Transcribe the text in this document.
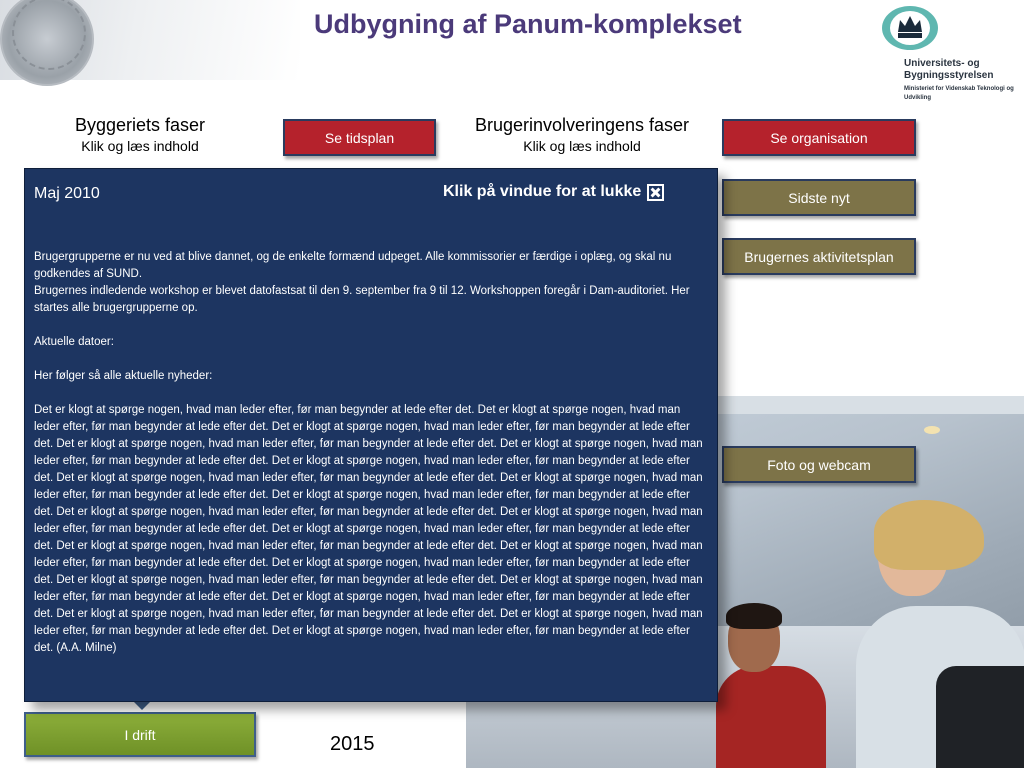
Udbygning af Panum-komplekset
Universitets- og Bygningsstyrelsen
Ministeriet for Videnskab Teknologi og Udvikling
Byggeriets faser
Klik og læs indhold
Brugerinvolveringens faser
Klik og læs indhold
Se tidsplan	Se organisation
Sidste nyt
Brugernes aktivitetsplan
Foto og webcam
I drift	2015
Maj 2010	Klik på vindue for at lukke

Brugergrupperne er nu ved at blive dannet, og de enkelte formænd udpeget. Alle kommissorier er færdige i oplæg, og skal nu godkendes af SUND.

Brugernes indledende workshop er blevet datofastsat til den 9. september fra 9 til 12. Workshoppen foregår i Dam-auditoriet. Her startes alle brugergrupperne op.

Aktuelle datoer:

Her følger så alle aktuelle nyheder:

Det er klogt at spørge nogen, hvad man leder efter, før man begynder at lede efter det. Det er klogt at spørge nogen, hvad man leder efter, før man begynder at lede efter det. Det er klogt at spørge nogen, hvad man leder efter, før man begynder at lede efter det. Det er klogt at spørge nogen, hvad man leder efter, før man begynder at lede efter det. Det er klogt at spørge nogen, hvad man leder efter, før man begynder at lede efter det. Det er klogt at spørge nogen, hvad man leder efter, før man begynder at lede efter det. Det er klogt at spørge nogen, hvad man leder efter, før man begynder at lede efter det. Det er klogt at spørge nogen, hvad man leder efter, før man begynder at lede efter det. Det er klogt at spørge nogen, hvad man leder efter, før man begynder at lede efter det. Det er klogt at spørge nogen, hvad man leder efter, før man begynder at lede efter det. Det er klogt at spørge nogen, hvad man leder efter, før man begynder at lede efter det. Det er klogt at spørge nogen, hvad man leder efter, før man begynder at lede efter det. Det er klogt at spørge nogen, hvad man leder efter, før man begynder at lede efter det. Det er klogt at spørge nogen, hvad man leder efter, før man begynder at lede efter det. Det er klogt at spørge nogen, hvad man leder efter, før man begynder at lede efter det. Det er klogt at spørge nogen, hvad man leder efter, før man begynder at lede efter det. Det er klogt at spørge nogen, hvad man leder efter, før man begynder at lede efter det. Det er klogt at spørge nogen, hvad man leder efter, før man begynder at lede efter det. Det er klogt at spørge nogen, hvad man leder efter, før man begynder at lede efter det. Det er klogt at spørge nogen, hvad man leder efter, før man begynder at lede efter det. Det er klogt at spørge nogen, hvad man leder efter, før man begynder at lede efter det. (A.A. Milne)
